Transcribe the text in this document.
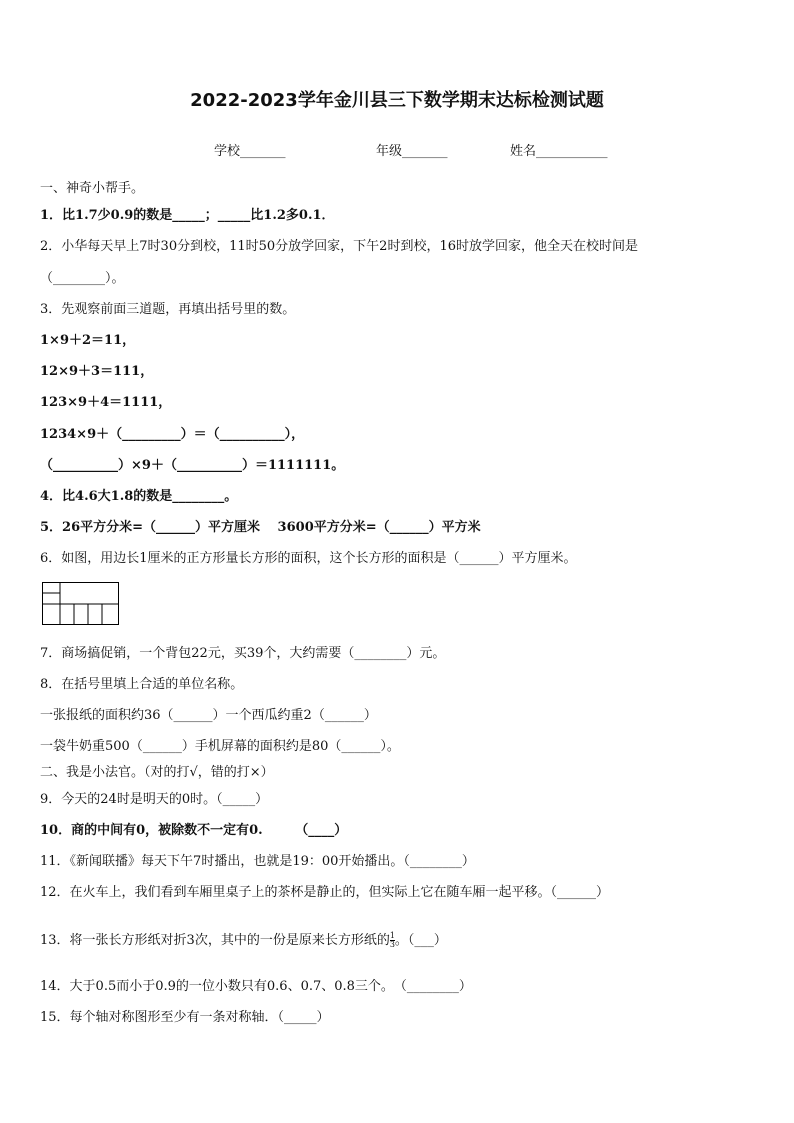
2022-2023学年金川县三下数学期末达标检测试题
学校_______	年级_______	姓名___________
一、神奇小帮手。
1．比1.7少0.9的数是_____；_____比1.2多0.1．
2．小华每天早上7时30分到校，11时50分放学回家，下午2时到校，16时放学回家，他全天在校时间是
（________）。
3．先观察前面三道题，再填出括号里的数。
1×9＋2＝11，
12×9＋3＝111，
123×9＋4＝1111，
1234×9＋（_________）＝（__________），
（__________）×9＋（__________）＝1111111。
4．比4.6大1.8的数是________。
5．26平方分米=（______）平方厘米　 3600平方分米=（______）平方米
6．如图，用边长1厘米的正方形量长方形的面积，这个长方形的面积是（______）平方厘米。
7．商场搞促销，一个背包22元，买39个，大约需要（________）元。
8．在括号里填上合适的单位名称。
一张报纸的面积约36（______）一个西瓜约重2（______）
一袋牛奶重500（______）手机屏幕的面积约是80（______）。
二、我是小法官。（对的打√，错的打×）
9．今天的24时是明天的0时。（_____）
10．商的中间有0，被除数不一定有0.　　　（____）
11．《新闻联播》每天下午7时播出，也就是19：00开始播出。（________）
12．在火车上，我们看到车厢里桌子上的茶杯是静止的，但实际上它在随车厢一起平移。（______）
13．将一张长方形纸对折3次，其中的一份是原来长方形纸的 $\frac{1}{3}$ 。（___）
14．大于0.5而小于0.9的一位小数只有0.6、0.7、0.8三个。　（________）
15．每个轴对称图形至少有一条对称轴．（_____）
